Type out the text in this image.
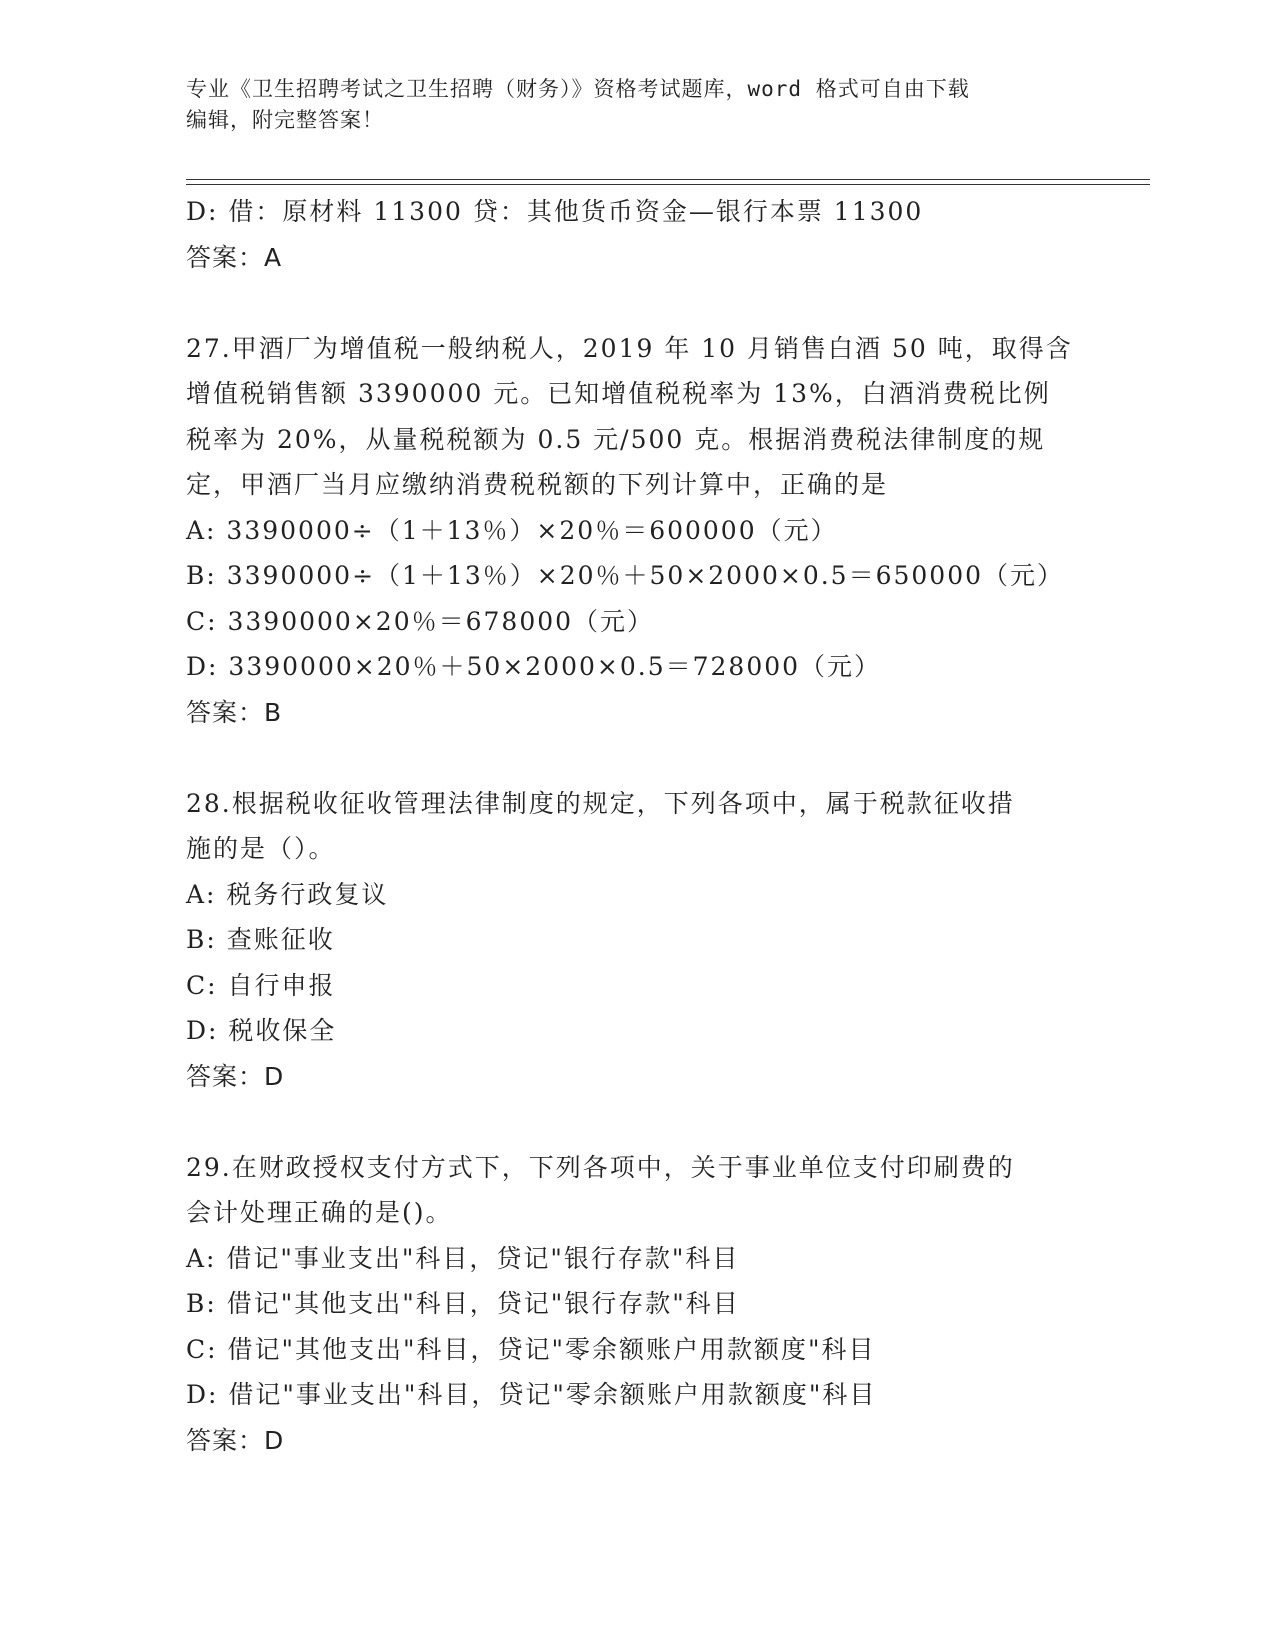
专业《卫生招聘考试之卫生招聘（财务）》资格考试题库，word 格式可自由下载
编辑，附完整答案！
D: 借：原材料 11300 贷：其他货币资金—银行本票 11300
答案：A
27.甲酒厂为增值税一般纳税人，2019 年 10 月销售白酒 50 吨，取得含
增值税销售额 3390000 元。已知增值税税率为 13%，白酒消费税比例
税率为 20%，从量税税额为 0.5 元/500 克。根据消费税法律制度的规
定，甲酒厂当月应缴纳消费税税额的下列计算中，正确的是
A: 3390000÷（1＋13％）×20％＝600000（元）
B: 3390000÷（1＋13％）×20％＋50×2000×0.5＝650000（元）
C: 3390000×20％＝678000（元）
D: 3390000×20％＋50×2000×0.5＝728000（元）
答案：B
28.根据税收征收管理法律制度的规定，下列各项中，属于税款征收措
施的是（）。
A: 税务行政复议
B: 查账征收
C: 自行申报
D: 税收保全
答案：D
29.在财政授权支付方式下，下列各项中，关于事业单位支付印刷费的
会计处理正确的是()。
A: 借记"事业支出"科目，贷记"银行存款"科目
B: 借记"其他支出"科目，贷记"银行存款"科目
C: 借记"其他支出"科目，贷记"零余额账户用款额度"科目
D: 借记"事业支出"科目，贷记"零余额账户用款额度"科目
答案：D
